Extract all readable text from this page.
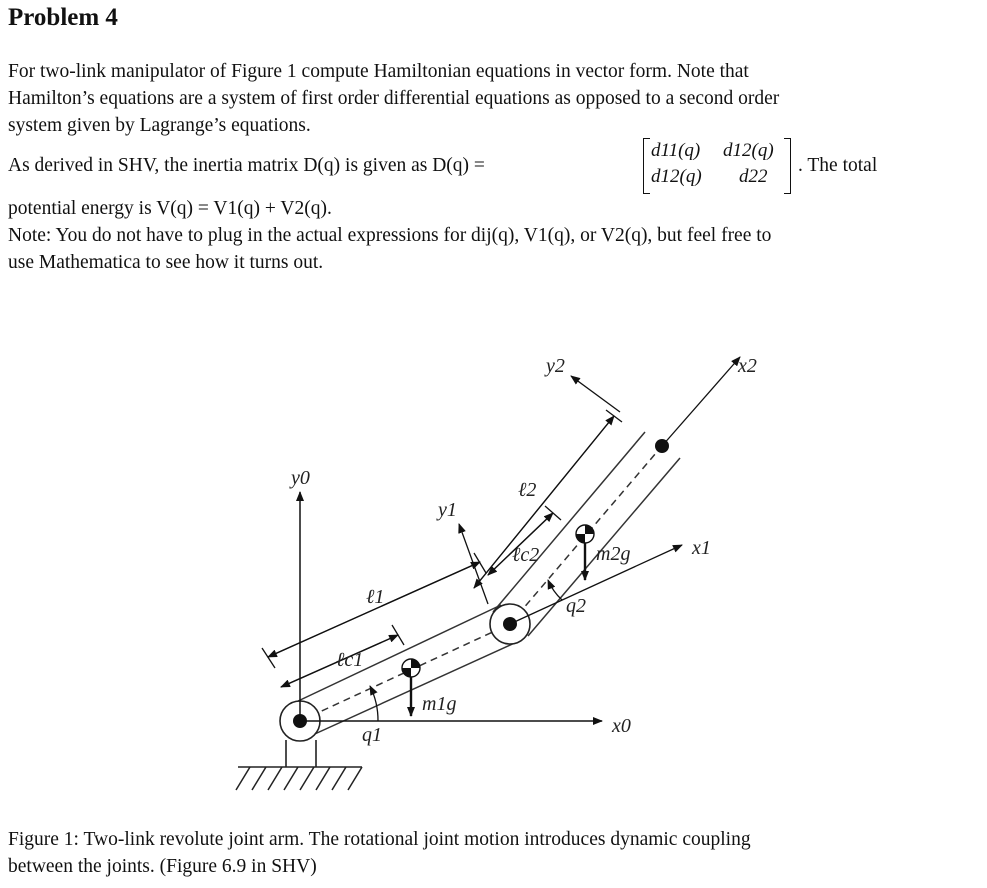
Problem 4
For two-link manipulator of Figure 1 compute Hamiltonian equations in vector form. Note that
Hamilton’s equations are a system of first order differential equations as opposed to a second order
system given by Lagrange’s equations.
As derived in SHV, the inertia matrix D(q) is given as D(q) =
d11(q) d12(q)
d12(q) d22
. The total
potential energy is V(q) = V1(q) + V2(q).
Note: You do not have to plug in the actual expressions for dij(q), V1(q), or V2(q), but feel free to
use Mathematica to see how it turns out.
y0
x0
y1
x1
y2	x2
ℓ1
ℓc1
ℓ2
ℓc2
m1g
m2g
q1
q2
Figure 1: Two-link revolute joint arm. The rotational joint motion introduces dynamic coupling
between the joints. (Figure 6.9 in SHV)
